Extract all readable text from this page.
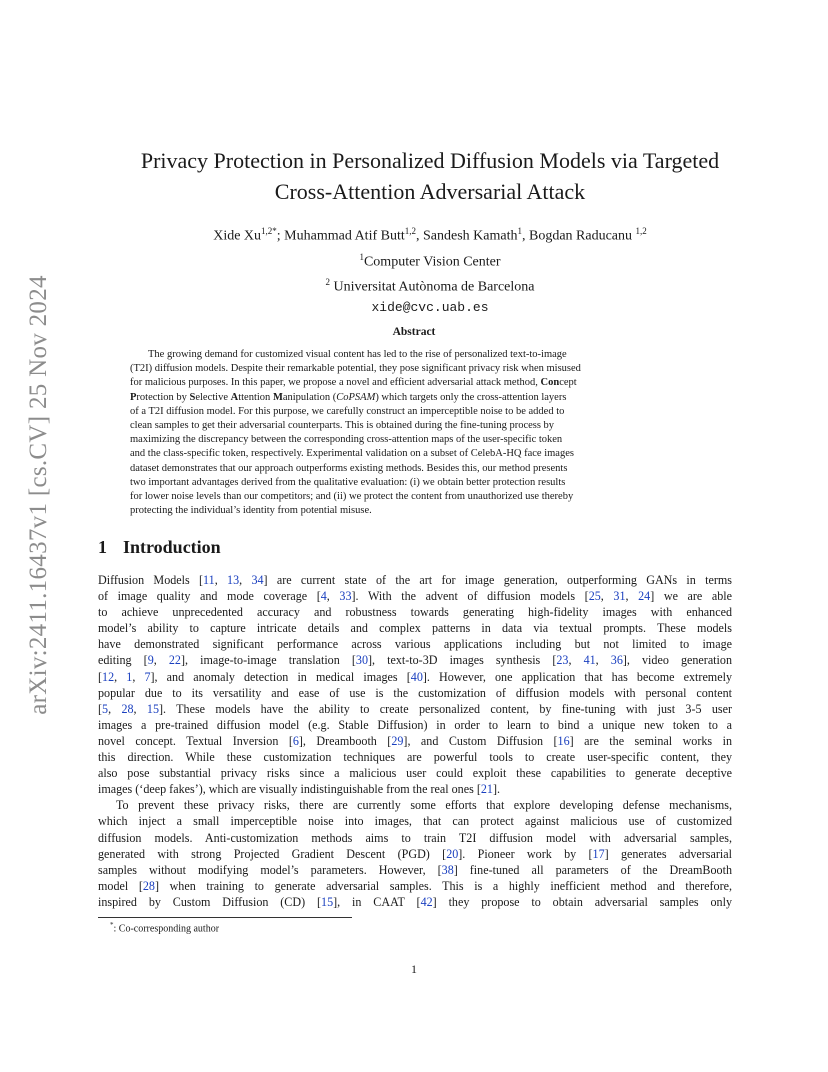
arXiv:2411.16437v1 [cs.CV] 25 Nov 2024
Privacy Protection in Personalized Diffusion Models via Targeted
Cross-Attention Adversarial Attack
Xide $Xu^{1,2*}$; Muhammad Atif Butt$^{1,2}$, Sandesh Kamath$^1$, Bogdan Raducanu $^{1,2}$
$^1$Computer Vision Center
$^2$ Universitat Autònoma de Barcelona
xide@cvc.uab.es
Abstract
The growing demand for customized visual content has led to the rise of personalized text-to-image
(T2I) diffusion models. Despite their remarkable potential, they pose significant privacy risk when misused
for malicious purposes. In this paper, we propose a novel and efficient adversarial attack method, Concept
Protection by Selective Attention Manipulation (CoPSAM) which targets only the cross-attention layers
of a T2I diffusion model. For this purpose, we carefully construct an imperceptible noise to be added to
clean samples to get their adversarial counterparts. This is obtained during the fine-tuning process by
maximizing the discrepancy between the corresponding cross-attention maps of the user-specific token
and the class-specific token, respectively. Experimental validation on a subset of CelebA-HQ face images
dataset demonstrates that our approach outperforms existing methods. Besides this, our method presents
two important advantages derived from the qualitative evaluation: (i) we obtain better protection results
for lower noise levels than our competitors; and (ii) we protect the content from unauthorized use thereby
protecting the individual’s identity from potential misuse.
1 Introduction
Diffusion Models [11, 13, 34] are current state of the art for image generation, outperforming GANs in terms
of image quality and mode coverage [4, 33]. With the advent of diffusion models [25, 31, 24] we are able
to achieve unprecedented accuracy and robustness towards generating high-fidelity images with enhanced
model’s ability to capture intricate details and complex patterns in data via textual prompts. These models
have demonstrated significant performance across various applications including but not limited to image
editing [9, 22], image-to-image translation [30], text-to-3D images synthesis [23, 41, 36], video generation
[12, 1, 7], and anomaly detection in medical images [40]. However, one application that has become extremely
popular due to its versatility and ease of use is the customization of diffusion models with personal content
[5, 28, 15]. These models have the ability to create personalized content, by fine-tuning with just 3-5 user
images a pre-trained diffusion model (e.g. Stable Diffusion) in order to learn to bind a unique new token to a
novel concept. Textual Inversion [6], Dreambooth [29], and Custom Diffusion [16] are the seminal works in
this direction. While these customization techniques are powerful tools to create user-specific content, they
also pose substantial privacy risks since a malicious user could exploit these capabilities to generate deceptive
images (‘deep fakes’), which are visually indistinguishable from the real ones [21].
To prevent these privacy risks, there are currently some efforts that explore developing defense mechanisms,
which inject a small imperceptible noise into images, that can protect against malicious use of customized
diffusion models. Anti-customization methods aims to train T2I diffusion model with adversarial samples,
generated with strong Projected Gradient Descent (PGD) [20]. Pioneer work by [17] generates adversarial
samples without modifying model’s parameters. However, [38] fine-tuned all parameters of the DreamBooth
model [28] when training to generate adversarial samples. This is a highly inefficient method and therefore,
inspired by Custom Diffusion (CD) [15], in CAAT [42] they propose to obtain adversarial samples only
*: Co-corresponding author
1
